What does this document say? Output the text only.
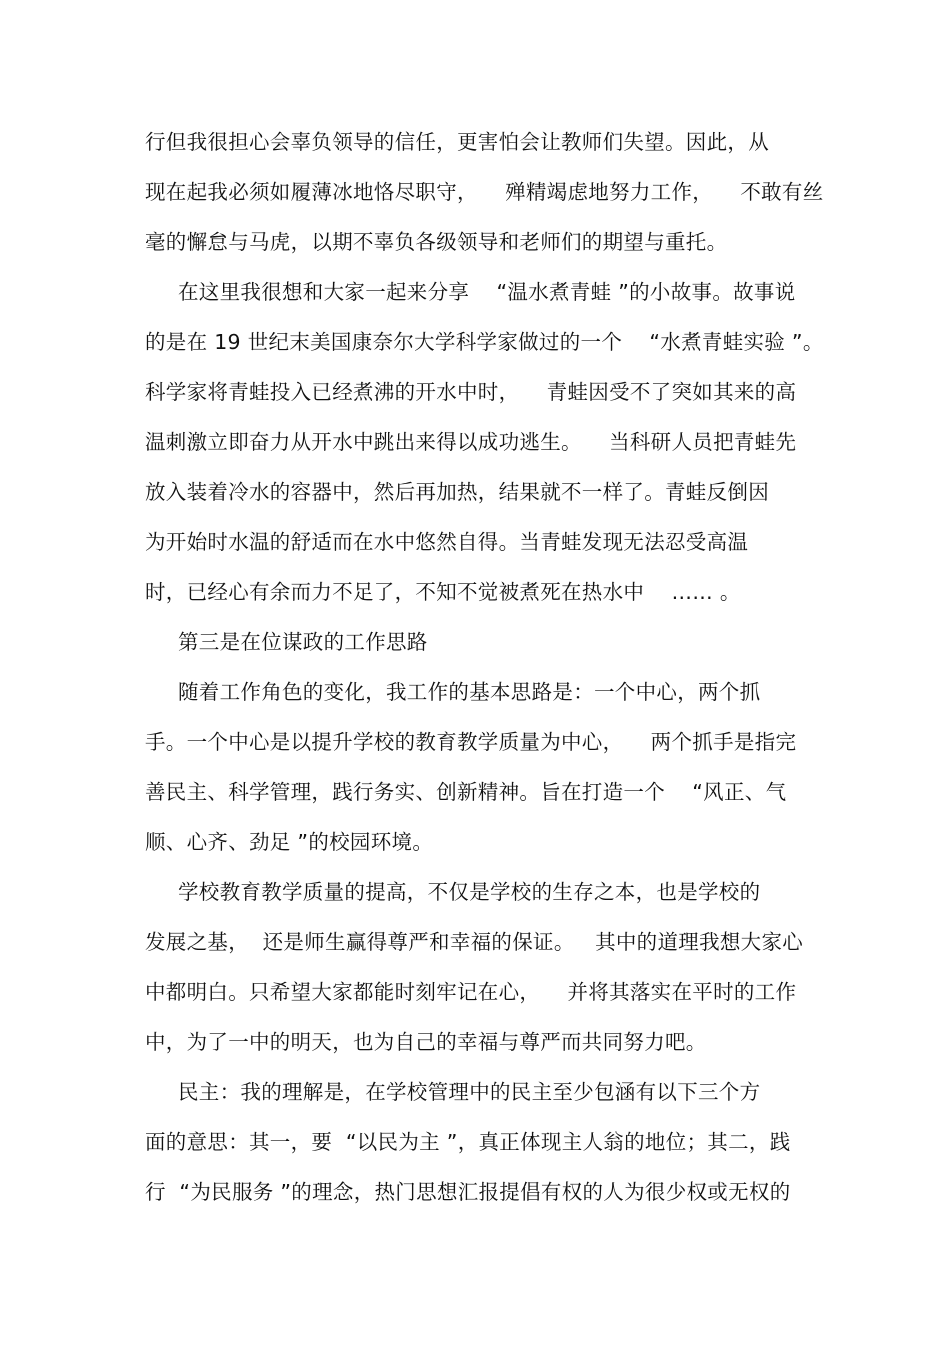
行但我很担心会辜负领导的信任，更害怕会让教师们失望。因此，从
现在起我必须如履薄冰地恪尽职守，    殚精竭虑地努力工作，    不敢有丝
毫的懈怠与马虎，以期不辜负各级领导和老师们的期望与重托。
在这里我很想和大家一起来分享    “温水煮青蛙 ”的小故事。故事说
的是在 19 世纪末美国康奈尔大学科学家做过的一个    “水煮青蛙实验 ”。
科学家将青蛙投入已经煮沸的开水中时，    青蛙因受不了突如其来的高
温刺激立即奋力从开水中跳出来得以成功逃生。    当科研人员把青蛙先
放入装着冷水的容器中，然后再加热，结果就不一样了。青蛙反倒因
为开始时水温的舒适而在水中悠然自得。当青蛙发现无法忍受高温
时，已经心有余而力不足了，不知不觉被煮死在热水中    …… 。
第三是在位谋政的工作思路
随着工作角色的变化，我工作的基本思路是：一个中心，两个抓
手。一个中心是以提升学校的教育教学质量为中心，    两个抓手是指完
善民主、科学管理，践行务实、创新精神。旨在打造一个    “风正、气
顺、心齐、劲足 ”的校园环境。
学校教育教学质量的提高，不仅是学校的生存之本，也是学校的
发展之基，  还是师生赢得尊严和幸福的保证。   其中的道理我想大家心
中都明白。只希望大家都能时刻牢记在心，    并将其落实在平时的工作
中，为了一中的明天，也为自己的幸福与尊严而共同努力吧。
民主：我的理解是，在学校管理中的民主至少包涵有以下三个方
面的意思：其一，要  “以民为主 ”，真正体现主人翁的地位；其二，践
行  “为民服务 ”的理念，热门思想汇报提倡有权的人为很少权或无权的
